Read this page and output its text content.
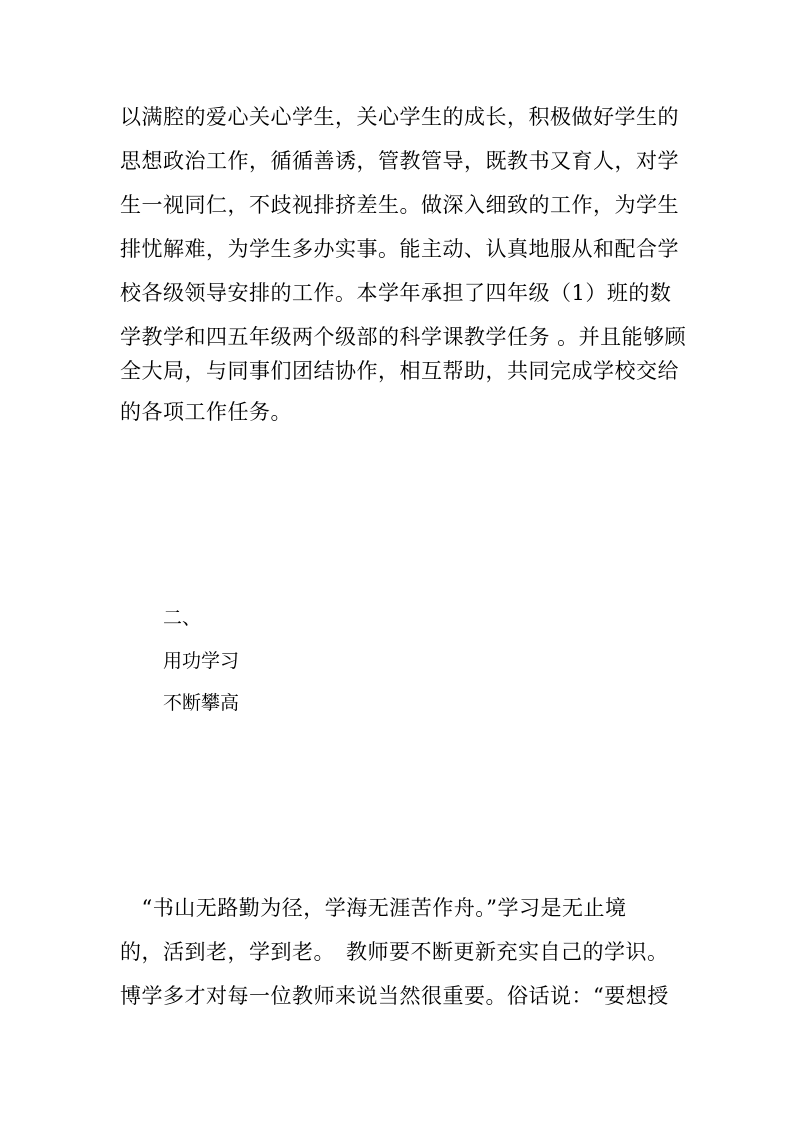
以满腔的爱心关心学生，关心学生的成长，积极做好学生的
思想政治工作，循循善诱，管教管导，既教书又育人，对学
生一视同仁，不歧视排挤差生。做深入细致的工作，为学生
排忧解难，为学生多办实事。能主动、认真地服从和配合学
校各级领导安排的工作。本学年承担了四年级（1）班的数
学教学和四五年级两个级部的科学课教学任务 。并且能够顾
全大局，与同事们团结协作，相互帮助，共同完成学校交给
的各项工作任务。
二、
用功学习
不断攀高
　“书山无路勤为径，学海无涯苦作舟。”学习是无止境
的，活到老，学到老。　教师要不断更新充实自己的学识。
博学多才对每一位教师来说当然很重要。俗话说：“要想授
